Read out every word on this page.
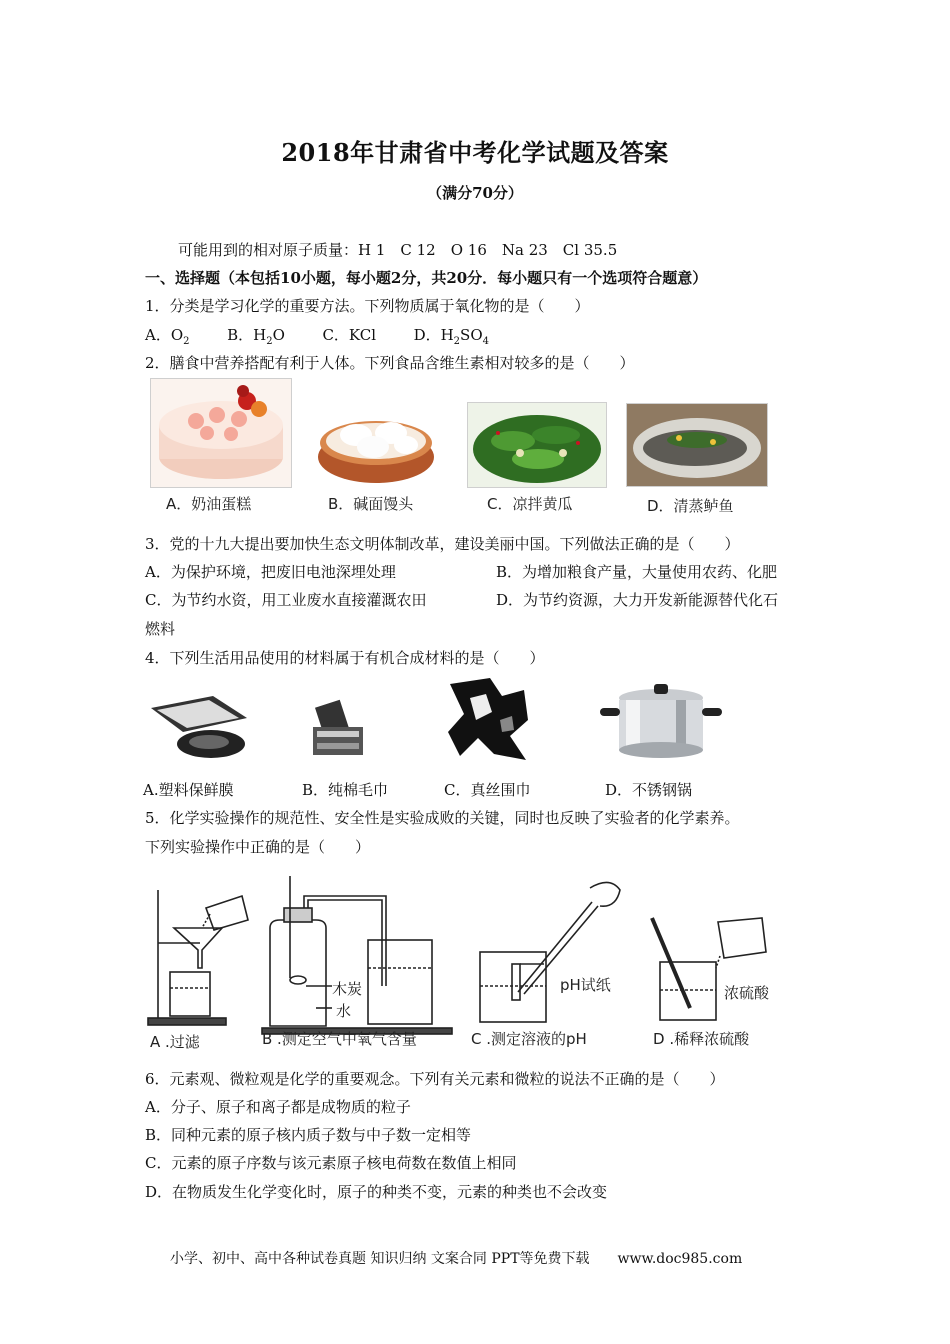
2018年甘肃省中考化学试题及答案
（满分70分）
可能用到的相对原子质量：H 1　C 12　O 16　Na 23　Cl 35.5
一、选择题（本包括10小题，每小题2分，共20分．每小题只有一个选项符合题意）
1．分类是学习化学的重要方法。下列物质属于氧化物的是（　　）
A．$O_2$	B．$H_2O$	C．KCl	D．$H_2SO_4$
2．膳食中营养搭配有利于人体。下列食品含维生素相对较多的是（　　）
A．奶油蛋糕	B．碱面馒头	C．凉拌黄瓜	D．清蒸鲈鱼
3．党的十九大提出要加快生态文明体制改革，建设美丽中国。下列做法正确的是（　　）
A．为保护环境，把废旧电池深埋处理	B．为增加粮食产量，大量使用农药、化肥
C．为节约水资，用工业废水直接灌溉农田	D．为节约资源，大力开发新能源替代化石
燃料
4．下列生活用品使用的材料属于有机合成材料的是（　　）
A.塑料保鲜膜	B．纯棉毛巾	C．真丝围巾	D．不锈钢锅
5．化学实验操作的规范性、安全性是实验成败的关键，同时也反映了实验者的化学素养。
下列实验操作中正确的是（　　）
木炭
水
pH试纸	浓硫酸
A .过滤	B .测定空气中氧气含量	C .测定溶液的pH	D .稀释浓硫酸
6．元素观、微粒观是化学的重要观念。下列有关元素和微粒的说法不正确的是（　　）
A．分子、原子和离子都是成物质的粒子
B．同种元素的原子核内质子数与中子数一定相等
C．元素的原子序数与该元素原子核电荷数在数值上相同
D．在物质发生化学变化时，原子的种类不变，元素的种类也不会改变
小学、初中、高中各种试卷真题 知识归纳 文案合同 PPT等免费下载　　www.doc985.com
